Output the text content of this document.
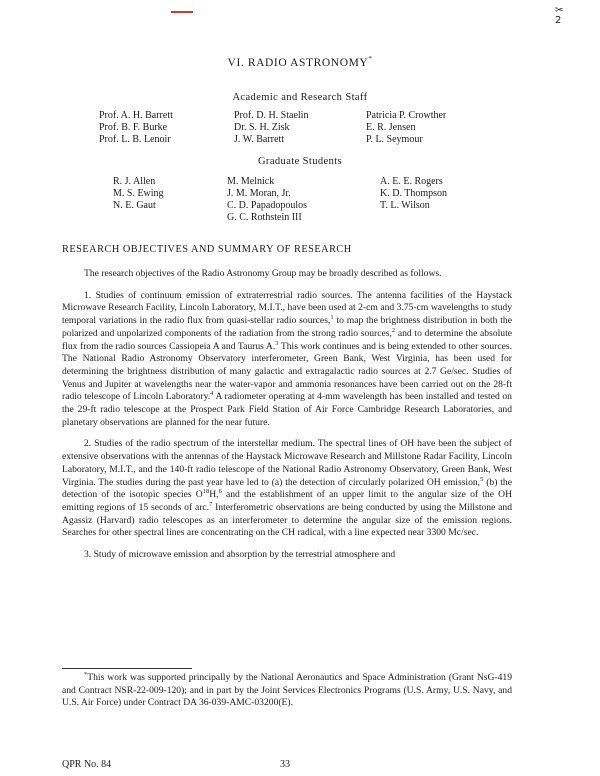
✂
2
VI. RADIO ASTRONOMY*
Academic and Research Staff
Prof. A. H. Barrett
Prof. B. F. Burke
Prof. L. B. Lenoir
Prof. D. H. Staelin
Dr. S. H. Zisk
J. W. Barrett
Patricia P. Crowther
E. R. Jensen
P. L. Seymour
Graduate Students
R. J. Allen
M. S. Ewing
N. E. Gaut
M. Melnick
J. M. Moran, Jr.
C. D. Papadopoulos
G. C. Rothstein III
A. E. E. Rogers
K. D. Thompson
T. L. Wilson
RESEARCH OBJECTIVES AND SUMMARY OF RESEARCH

The research objectives of the Radio Astronomy Group may be broadly described as follows.

1. Studies of continuum emission of extraterrestrial radio sources. The antenna facilities of the Haystack Microwave Research Facility, Lincoln Laboratory, M.I.T., have been used at 2-cm and 3.75-cm wavelengths to study temporal variations in the radio flux from quasi-stellar radio sources,$^1$ to map the brightness distribution in both the polarized and unpolarized components of the radiation from the strong radio sources,$^2$ and to determine the absolute flux from the radio sources Cassiopeia A and Taurus A.$^3$ This work continues and is being extended to other sources. The National Radio Astronomy Observatory interferometer, Green Bank, West Virginia, has been used for determining the brightness distribution of many galactic and extragalactic radio sources at 2.7 Ge/sec. Studies of Venus and Jupiter at wavelengths near the water-vapor and ammonia resonances have been carried out on the 28-ft radio telescope of Lincoln Laboratory.$^4$ A radiometer operating at 4-mm wavelength has been installed and tested on the 29-ft radio telescope at the Prospect Park Field Station of Air Force Cambridge Research Laboratories, and planetary observations are planned for the near future.

2. Studies of the radio spectrum of the interstellar medium. The spectral lines of OH have been the subject of extensive observations with the antennas of the Haystack Microwave Research and Millstone Radar Facility, Lincoln Laboratory, M.I.T., and the 140-ft radio telescope of the National Radio Astronomy Observatory, Green Bank, West Virginia. The studies during the past year have led to (a) the detection of circularly polarized OH emission,$^5$ (b) the detection of the isotopic species $O^{18}H,^6$ and the establishment of an upper limit to the angular size of the OH emitting regions of 15 seconds of arc.$^7$ Interferometric observations are being conducted by using the Millstone and Agassiz (Harvard) radio telescopes as an interferometer to determine the angular size of the emission regions. Searches for other spectral lines are concentrating on the CH radical, with a line expected near 3300 Mc/sec.

3. Study of microwave emission and absorption by the terrestrial atmosphere and

*This work was supported principally by the National Aeronautics and Space Administration (Grant NsG-419 and Contract NSR-22-009-120); and in part by the Joint Services Electronics Programs (U.S. Army, U.S. Navy, and U.S. Air Force) under Contract DA 36-039-AMC-03200(E).

QPR No. 84	33
